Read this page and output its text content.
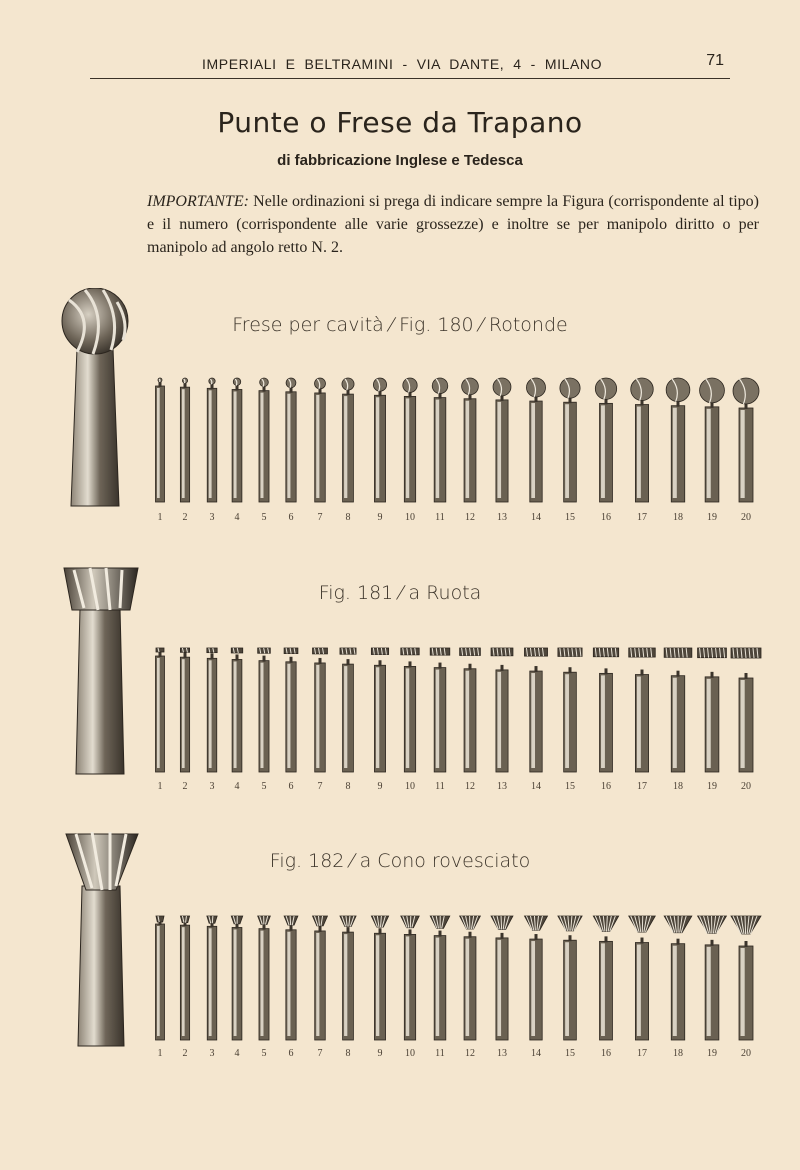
IMPERIALI  E  BELTRAMINI  -  VIA  DANTE,  4  -  MILANO	71
Punte o Frese da Trapano
di fabbricazione Inglese e Tedesca
IMPORTANTE: Nelle ordinazioni si prega di indicare sempre la Figura (corrispondente al tipo) e il numero (corrispondente alle varie grossezze) e inoltre se per manipolo diritto o per manipolo ad angolo retto N. 2.
Frese per cavità ⁄ Fig. 180 ⁄ Rotonde
1	2	3	4	5	6	7	8	9	10	11	12	13	14	15	16	17	18	19	20
Fig. 181 ⁄ a Ruota
1	2	3	4	5	6	7	8	9	10	11	12	13	14	15	16	17	18	19	20
Fig. 182 ⁄ a Cono rovesciato
1	2	3	4	5	6	7	8	9	10	11	12	13	14	15	16	17	18	19	20
